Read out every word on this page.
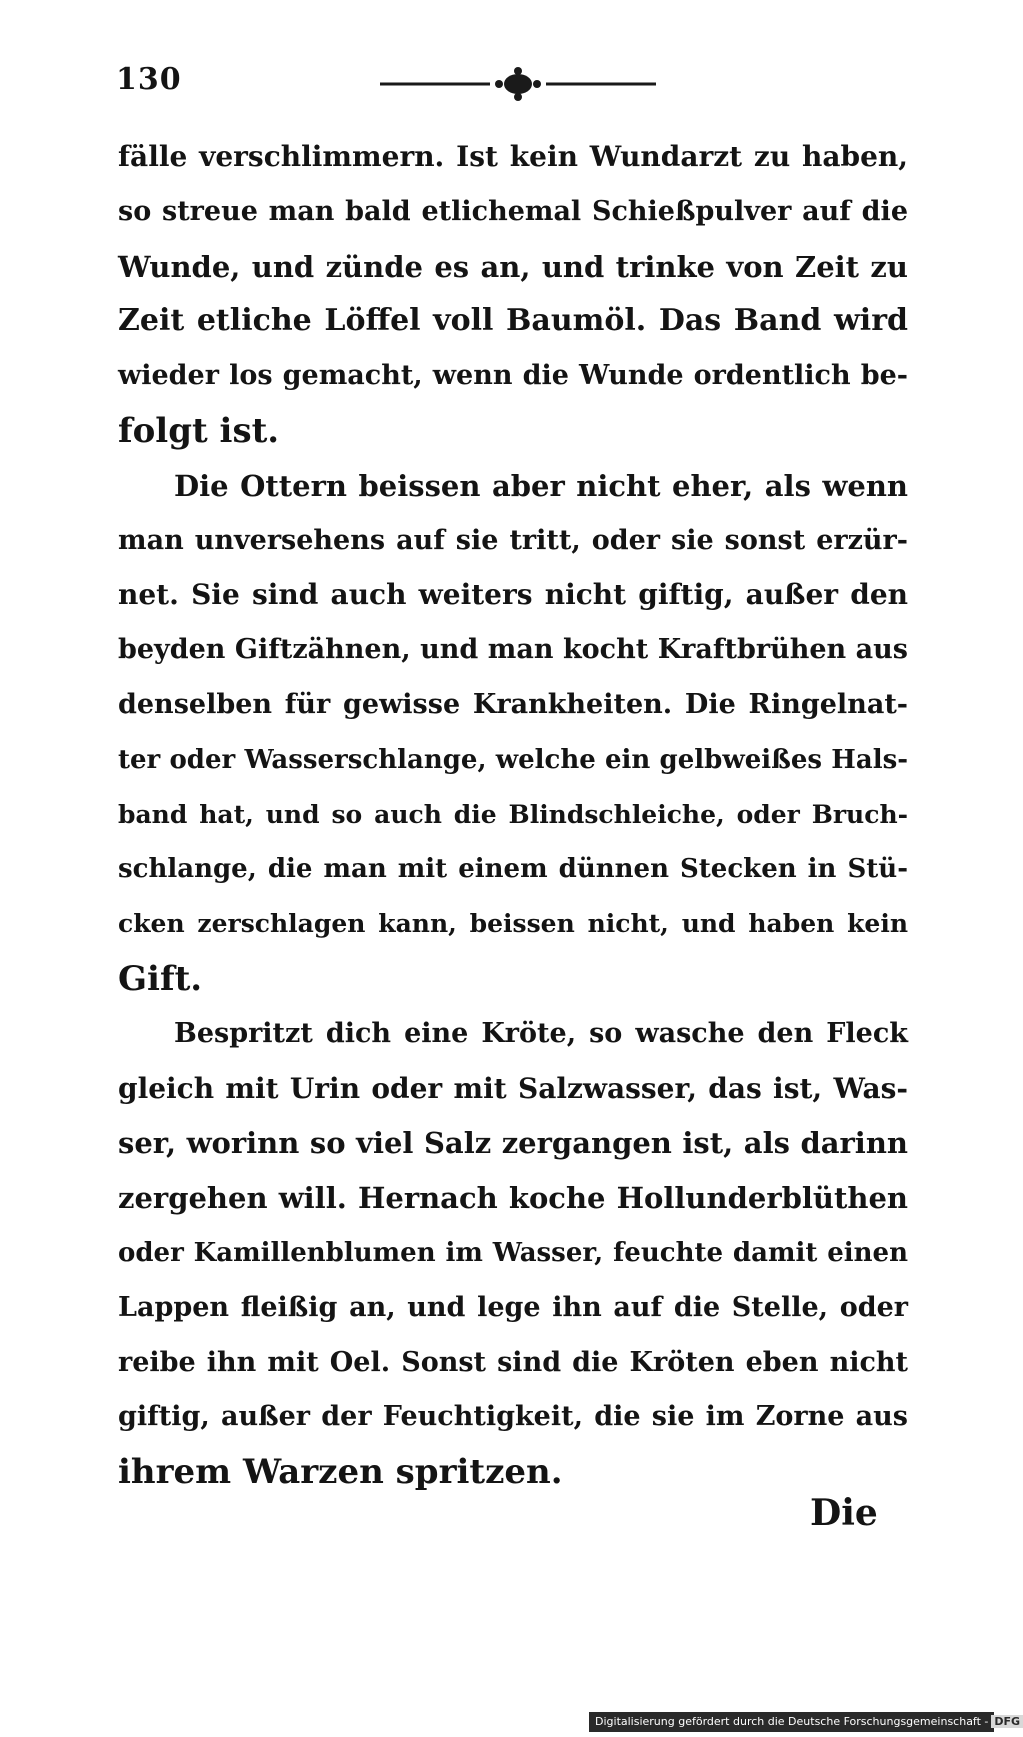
130
fälle verschlimmern. Ist kein Wundarzt zu haben,
so streue man bald etlichemal Schießpulver auf die
Wunde, und zünde es an, und trinke von Zeit zu
Zeit etliche Löffel voll Baumöl. Das Band wird
wieder los gemacht, wenn die Wunde ordentlich be-
folgt ist.
Die Ottern beissen aber nicht eher, als wenn
man unversehens auf sie tritt, oder sie sonst erzür-
net. Sie sind auch weiters nicht giftig, außer den
beyden Giftzähnen, und man kocht Kraftbrühen aus
denselben für gewisse Krankheiten. Die Ringelnat-
ter oder Wasserschlange, welche ein gelbweißes Hals-
band hat, und so auch die Blindschleiche, oder Bruch-
schlange, die man mit einem dünnen Stecken in Stü-
cken zerschlagen kann, beissen nicht, und haben kein
Gift.
Bespritzt dich eine Kröte, so wasche den Fleck
gleich mit Urin oder mit Salzwasser, das ist, Was-
ser, worinn so viel Salz zergangen ist, als darinn
zergehen will. Hernach koche Hollunderblüthen
oder Kamillenblumen im Wasser, feuchte damit einen
Lappen fleißig an, und lege ihn auf die Stelle, oder
reibe ihn mit Oel. Sonst sind die Kröten eben nicht
giftig, außer der Feuchtigkeit, die sie im Zorne aus
ihrem Warzen spritzen.
Die
Digitalisierung gefördert durch die Deutsche Forschungsgemeinschaft - DFG
